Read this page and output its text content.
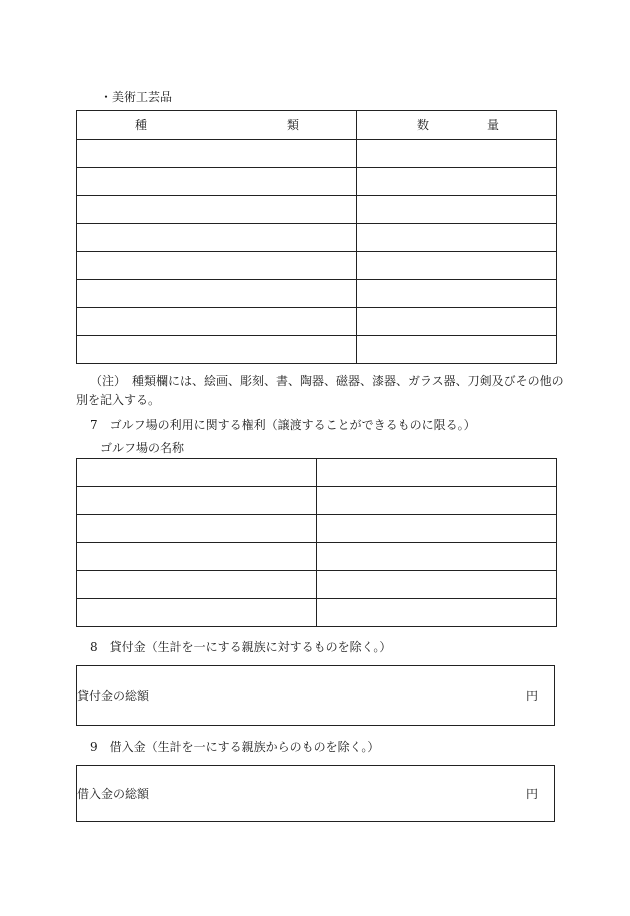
・美術工芸品
種 類	数 量

（注）　種類欄には、絵画、彫刻、書、陶器、磁器、漆器、ガラス器、刀剣及びその他の
別を記入する。
7　ゴルフ場の利用に関する権利（譲渡することができるものに限る。）
ゴルフ場の名称

8　貸付金（生計を一にする親族に対するものを除く。）
貸付金の総額	円
9　借入金（生計を一にする親族からのものを除く。）
借入金の総額	円
